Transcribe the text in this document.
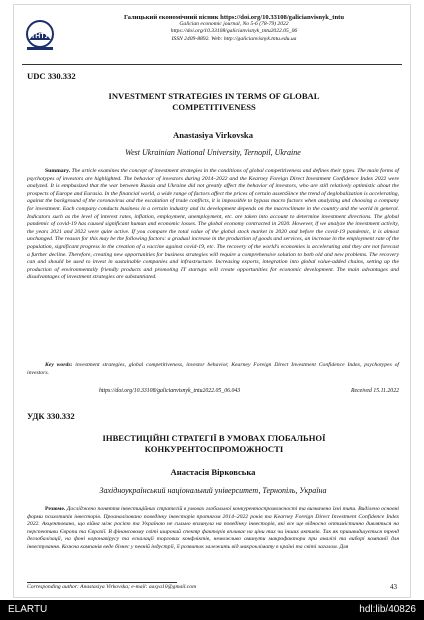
ТНТУ
Галицький економічний вісник https://doi.org/10.33108/galicianvisnyk_tntu
Galician economic journal, No 5-6 (78-79) 2022
https://doi.org/10.33108/galicianvisnyk_tntu2022.05_06
ISSN 2409-8892. Web: http://galicianvisnyk.tntu.edu.ua
UDC 330.332
INVESTMENT STRATEGIES IN TERMS OF GLOBAL
COMPETITIVENESS
Anastasiya Virkovska
West Ukrainian National University, Ternopil, Ukraine
Summary. The article examines the concept of investment strategies in the conditions of global competitiveness and defines their types. The main forms of psychotypes of investors are highlighted. The behavior of investors during 2014–2022 and the Kearney Foreign Direct Investment Confidence Index 2022 were analyzed. It is emphasized that the war between Russia and Ukraine did not greatly affect the behavior of investors, who are still relatively optimistic about the prospects of Europe and Eurasia. In the financial world, a wide range of factors affect the prices of certain assetsSince the trend of deglobalization is accelerating, against the background of the coronavirus and the escalation of trade conflicts, it is impossible to bypass macro factors when analyzing and choosing a company for investment. Each company conducts business in a certain industry and its development depends on the macroclimate in the country and the world in general. Indicators such as the level of interest rates, inflation, employment, unemployment, etc. are taken into account to determine investment directions. The global pandemic of covid-19 has caused significant human and economic losses. The global economy contracted in 2020. However, if we analyze the investment activity, the years 2021 and 2022 were quite active. If you compare the total value of the global stock market in 2020 and before the covid-19 pandemic, it is almost unchanged. The reason for this may be the following factors: a gradual increase in the production of goods and services, an increase in the employment rate of the population, significant progress in the creation of a vaccine against covid-19, etc. The recovery of the world's economies is accelerating and they are not forecast a further decline. Therefore, creating new opportunities for business strategies will require a comprehensive solution to both old and new problems. The recovery can and should be used to invest in sustainable companies and infrastructure. Increasing exports, integration into global value-added chains, setting up the production of environmentally friendly products and promoting IT startups will create opportunities for economic development. The main advantages and disadvantages of investment strategies are substantiated.
Key words: investment strategies, global competitiveness, investor behavior, Kearney Foreign Direct Investment Confidence Index, psychotypes of investors.
https://doi.org/10.33108/galicianvisnyk_tntu2022.05_06.043	Received 15.11.2022
УДК 330.332
ІНВЕСТИЦІЙНІ СТРАТЕГІЇ В УМОВАХ ГЛОБАЛЬНОЇ
КОНКУРЕНТОСПРОМОЖНОСТІ
Анастасія Вірковська
Західноукраїнський національний університет, Тернопіль, Україна
Резюме. Досліджено поняття інвестиційних стратегій в умовах глобальної конкурентоспроможності та визначено їхні типи. Виділено основні форми психотипів інвесторів. Проаналізовано поведінку інвесторів протягом 2014–2022 років та Kearney Foreign Direct Investment Confidence Index 2022. Акцентовано, що війна між росією та Україною не сильно вплинула на поведінку інвесторів, які все ще відносно оптимістично дивляться на перспективи Європи та Євразії. В фінансовому світі широкий спектр факторів впливає на ціни тих чи інших активів. Так як пришвидшується тренд деглобалізації, на фоні коронавірусу та ескалації торгових конфліктів, неможливо оминути макрофактори при аналізі та виборі компанії для інвестування. Кожна компанія веде бізнес у певній індустрії, її розвиток залежить від макроклімату в країні та світі загалом. Для
Corresponding author: Anastasiya Virkovska; e-mail: aasya10@gmail.com	43
ELARTU	hdl:lib/40826
